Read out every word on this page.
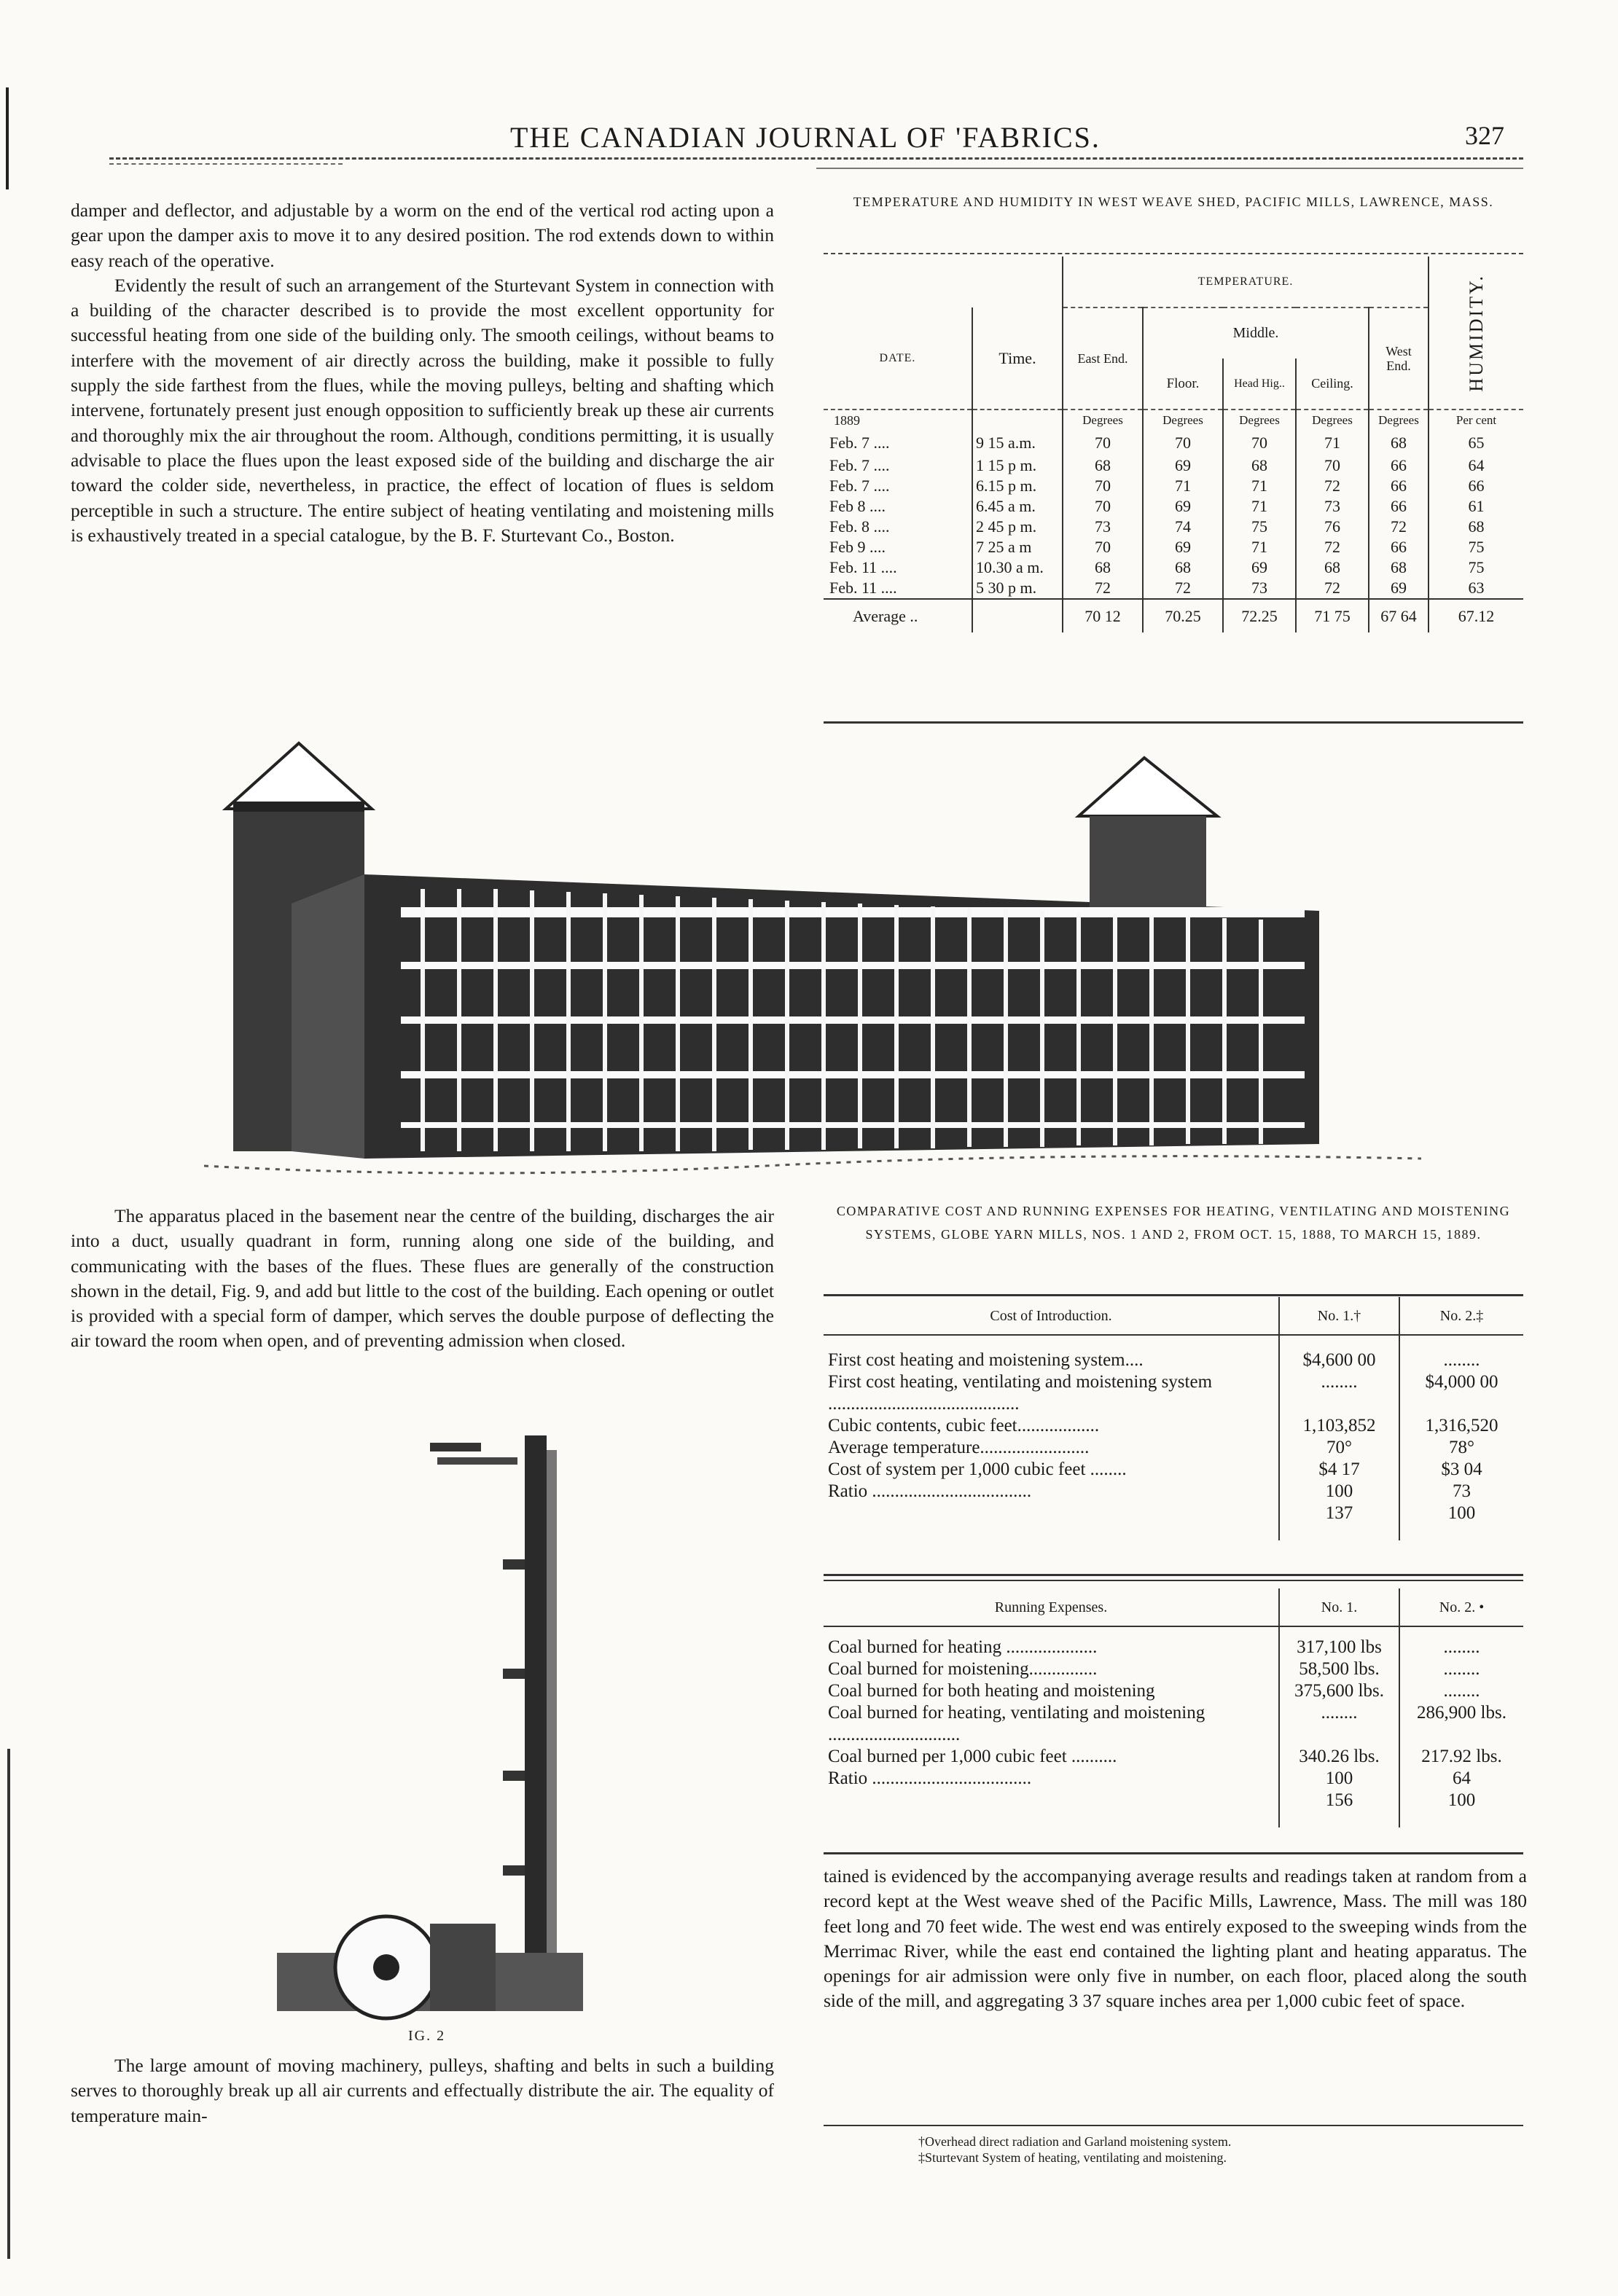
THE CANADIAN JOURNAL OF 'FABRICS.	327

damper and deflector, and adjustable by a worm on the end of the vertical rod acting upon a gear upon the damper axis to move it to any desired position. The rod extends down to within easy reach of the operative.

Evidently the result of such an arrangement of the Sturtevant System in connection with a building of the character described is to provide the most excellent opportunity for successful heating from one side of the building only. The smooth ceilings, without beams to interfere with the movement of air directly across the building, make it possible to fully supply the side farthest from the flues, while the moving pulleys, belting and shafting which intervene, fortunately present just enough opposition to sufficiently break up these air currents and thoroughly mix the air throughout the room. Although, conditions permitting, it is usually advisable to place the flues upon the least exposed side of the building and discharge the air toward the colder side, nevertheless, in practice, the effect of location of flues is seldom perceptible in such a structure. The entire subject of heating ventilating and moistening mills is exhaustively treated in a special catalogue, by the B. F. Sturtevant Co., Boston.

TEMPERATURE AND HUMIDITY IN WEST WEAVE SHED, PACIFIC MILLS, LAWRENCE, MASS.
		TEMPERATURE.					HUMIDITY.

DATE.	Time.	East End.	Middle.			West End.	
			Floor.	Head Hig..	Ceiling.		
1889		Degrees	Degrees	Degrees	Degrees	Degrees	Per cent
Feb. 7 ....	9 15 a.m.	70	70	70	71	68	65
Feb. 7 ....	1 15 p m.	68	69	68	70	66	64
Feb. 7 ....	6.15 p m.	70	71	71	72	66	66
Feb 8 ....	6.45 a m.	70	69	71	73	66	61
Feb. 8 ....	2 45 p m.	73	74	75	76	72	68
Feb 9 ....	7 25 a m	70	69	71	72	66	75
Feb. 11 ....	10.30 a m.	68	68	69	68	68	75
Feb. 11 ....	5 30 p m.	72	72	73	72	69	63
Average ..		70 12	70.25	72.25	71 75	67 64	67.12

The apparatus placed in the basement near the centre of the building, discharges the air into a duct, usually quadrant in form, running along one side of the building, and communicating with the bases of the flues. These flues are generally of the construction shown in the detail, Fig. 9, and add but little to the cost of the building. Each opening or outlet is provided with a special form of damper, which serves the double purpose of deflecting the air toward the room when open, and of preventing admission when closed.

IG. 2

The large amount of moving machinery, pulleys, shafting and belts in such a building serves to thoroughly break up all air currents and effectually distribute the air. The equality of temperature main-

COMPARATIVE COST AND RUNNING EXPENSES FOR HEATING, VENTILATING AND MOISTENING SYSTEMS, GLOBE YARN MILLS, NOS. 1 AND 2, FROM OCT. 15, 1888, TO MARCH 15, 1889.
Cost of Introduction.	No. 1.†	No. 2.‡

First cost heating and moistening system....	$4,600 00	........
First cost heating, ventilating and moistening system ..........................................	........	$4,000 00
Cubic contents, cubic feet..................	1,103,852	1,316,520
Average temperature........................	70°	78°
Cost of system per 1,000 cubic feet ........	$4 17	$3 04
Ratio ...................................	100	73
	137	100

Running Expenses.	No. 1.	No. 2. •

Coal burned for heating ....................	317,100 lbs	........
Coal burned for moistening...............	58,500 lbs.	........
Coal burned for both heating and moistening	375,600 lbs.	........
Coal burned for heating, ventilating and moistening .............................	........	286,900 lbs.
Coal burned per 1,000 cubic feet ..........	340.26 lbs.	217.92 lbs.
Ratio ...................................	100	64
	156	100

tained is evidenced by the accompanying average results and readings taken at random from a record kept at the West weave shed of the Pacific Mills, Lawrence, Mass. The mill was 180 feet long and 70 feet wide. The west end was entirely exposed to the sweeping winds from the Merrimac River, while the east end contained the lighting plant and heating apparatus. The openings for air admission were only five in number, on each floor, placed along the south side of the mill, and aggregating 3 37 square inches area per 1,000 cubic feet of space.

†Overhead direct radiation and Garland moistening system.
‡Sturtevant System of heating, ventilating and moistening.
